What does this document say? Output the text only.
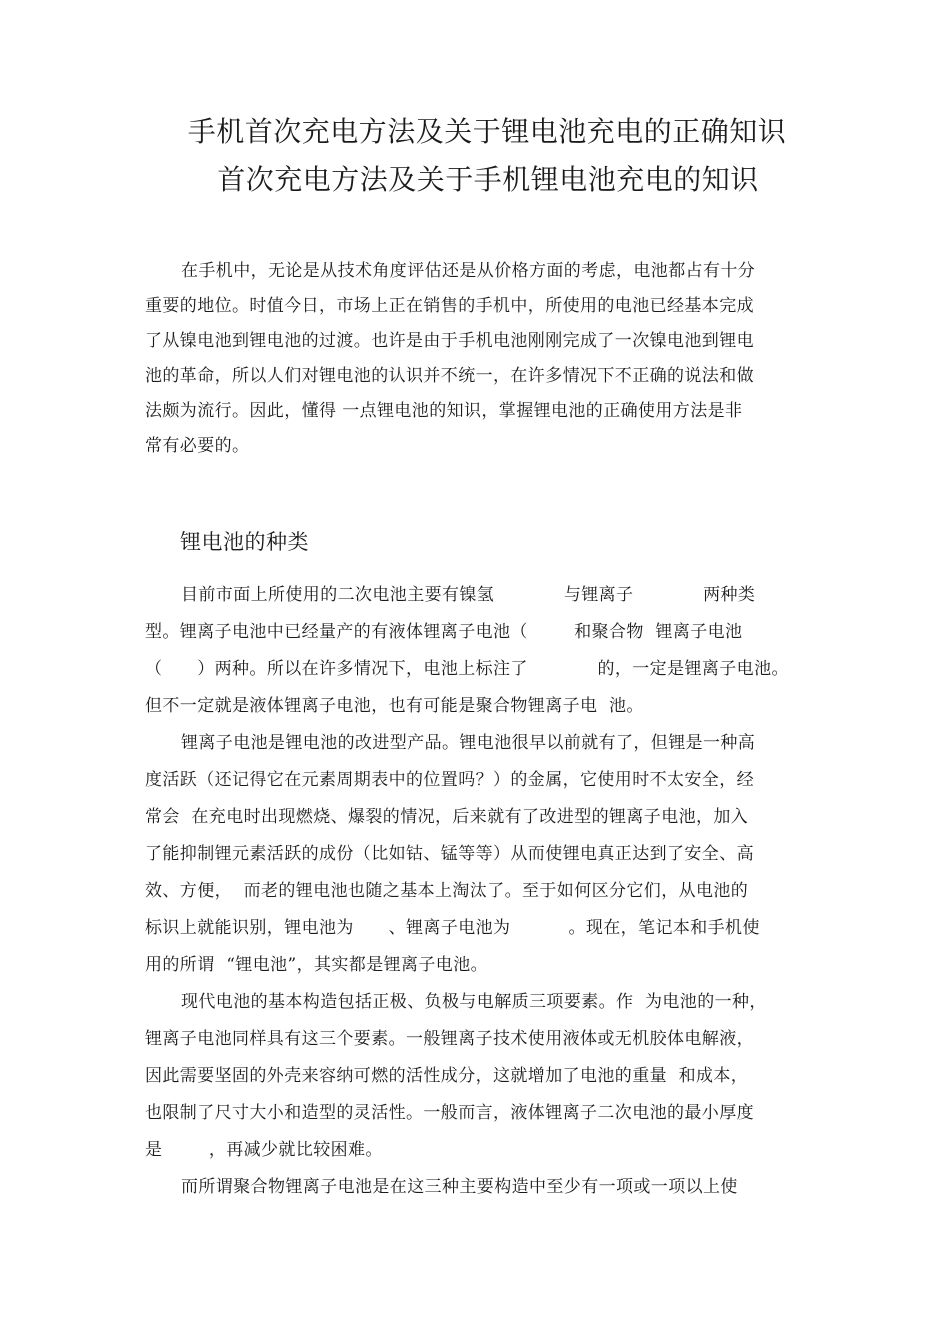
手机首次充电方法及关于锂电池充电的正确知识
首次充电方法及关于手机锂电池充电的知识
在手机中，无论是从技术角度评估还是从价格方面的考虑，电池都占有十分
重要的地位。时值今日，市场上正在销售的手机中，所使用的电池已经基本完成
了从镍电池到锂电池的过渡。也许是由于手机电池刚刚完成了一次镍电池到锂电
池的革命，所以人们对锂电池的认识并不统一，在许多情况下不正确的说法和做
法颇为流行。因此，懂得 一点锂电池的知识，掌握锂电池的正确使用方法是非
常有必要的。
锂电池的种类
目前市面上所使用的二次电池主要有镍氢            与锂离子            两种类
型。锂离子电池中已经量产的有液体锂离子电池（        和聚合物  锂离子电池
（      ）两种。所以在许多情况下，电池上标注了            的，一定是锂离子电池。
但不一定就是液体锂离子电池，也有可能是聚合物锂离子电  池。
锂离子电池是锂电池的改进型产品。锂电池很早以前就有了，但锂是一种高
度活跃（还记得它在元素周期表中的位置吗？）的金属，它使用时不太安全，经
常会  在充电时出现燃烧、爆裂的情况，后来就有了改进型的锂离子电池，加入
了能抑制锂元素活跃的成份（比如钴、锰等等）从而使锂电真正达到了安全、高
效、方便，  而老的锂电池也随之基本上淘汰了。至于如何区分它们，从电池的
标识上就能识别，锂电池为      、锂离子电池为          。现在，笔记本和手机使
用的所谓  “锂电池”，其实都是锂离子电池。
现代电池的基本构造包括正极、负极与电解质三项要素。作  为电池的一种，
锂离子电池同样具有这三个要素。一般锂离子技术使用液体或无机胶体电解液，
因此需要坚固的外壳来容纳可燃的活性成分，这就增加了电池的重量  和成本，
也限制了尺寸大小和造型的灵活性。一般而言，液体锂离子二次电池的最小厚度
是        ，再减少就比较困难。
而所谓聚合物锂离子电池是在这三种主要构造中至少有一项或一项以上使
